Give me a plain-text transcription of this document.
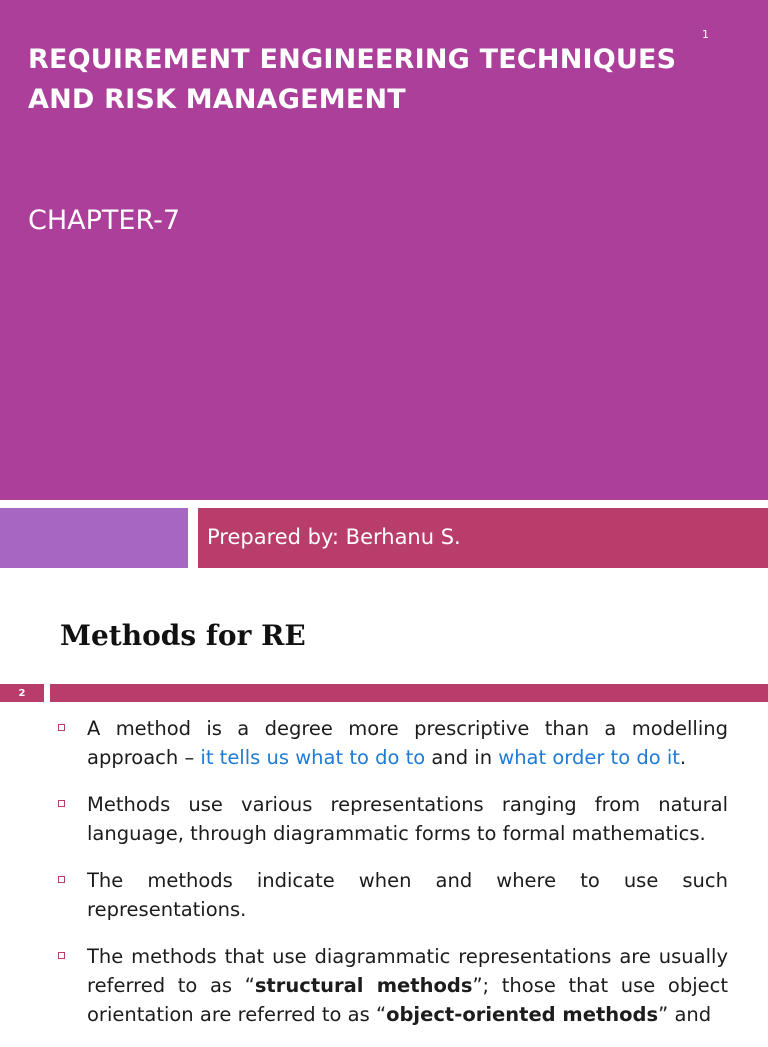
1
REQUIREMENT ENGINEERING TECHNIQUES AND RISK MANAGEMENT
CHAPTER-7
Prepared by: Berhanu S.
Methods for RE
2
A method is a degree more prescriptive than a modelling approach – it tells us what to do to and in what order to do it.
Methods use various representations ranging from natural language, through diagrammatic forms to formal mathematics.
The methods indicate when and where to use such representations.
The methods that use diagrammatic representations are usually referred to as “structural methods”; those that use object orientation are referred to as “object-oriented methods” and
